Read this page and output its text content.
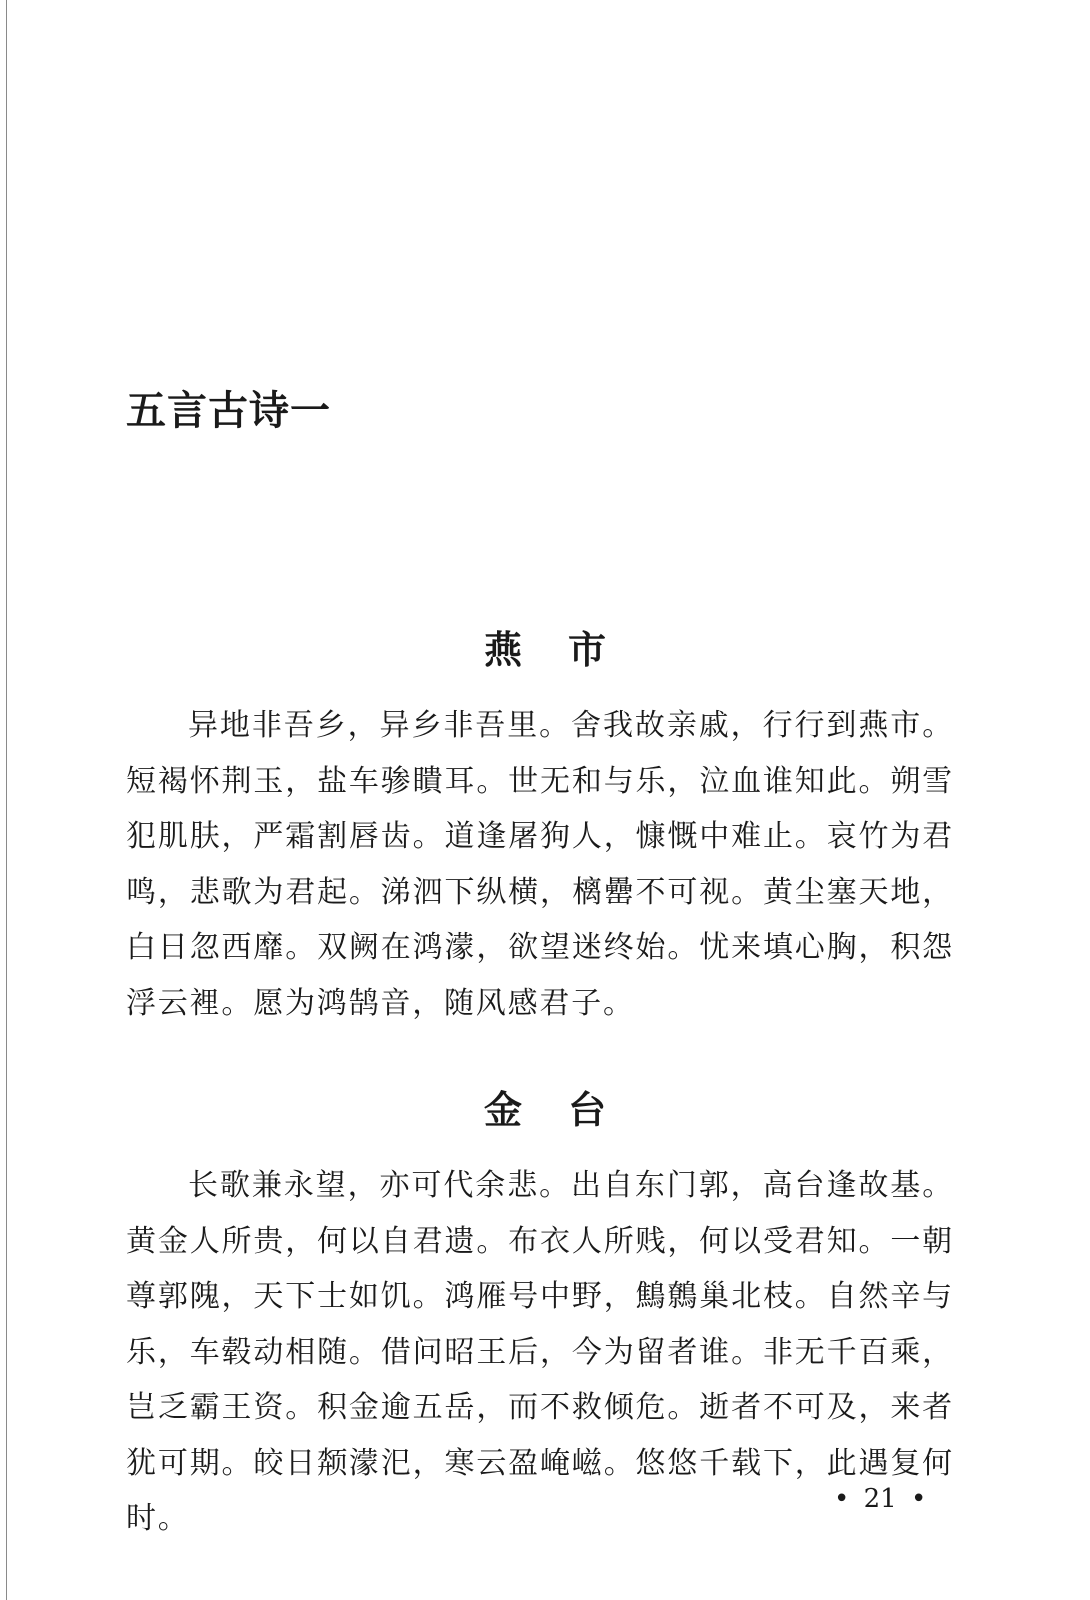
五言古诗一
燕市

异地非吾乡，异乡非吾里。舍我故亲戚，行行到燕市。短褐怀荆玉，盐车骖瞶耳。世无和与乐，泣血谁知此。朔雪犯肌肤，严霜割唇齿。道逢屠狗人，慷慨中难止。哀竹为君鸣，悲歌为君起。涕泗下纵横，樆罍不可视。黄尘塞天地，白日忽西靡。双阙在鸿濛，欲望迷终始。忧来填心胸，积怨浮云裡。愿为鸿鹄音，随风感君子。

金台

长歌兼永望，亦可代余悲。出自东门郭，高台逢故基。黄金人所贵，何以自君遗。布衣人所贱，何以受君知。一朝尊郭隗，天下士如饥。鸿雁号中野，鷦鷯巢北枝。自然辛与乐，车毂动相随。借问昭王后，今为留者谁。非无千百乘，岂乏霸王资。积金逾五岳，而不救倾危。逝者不可及，来者犹可期。皎日颒濛汜，寒云盈崦嵫。悠悠千载下，此遇复何时。

• 21 •
